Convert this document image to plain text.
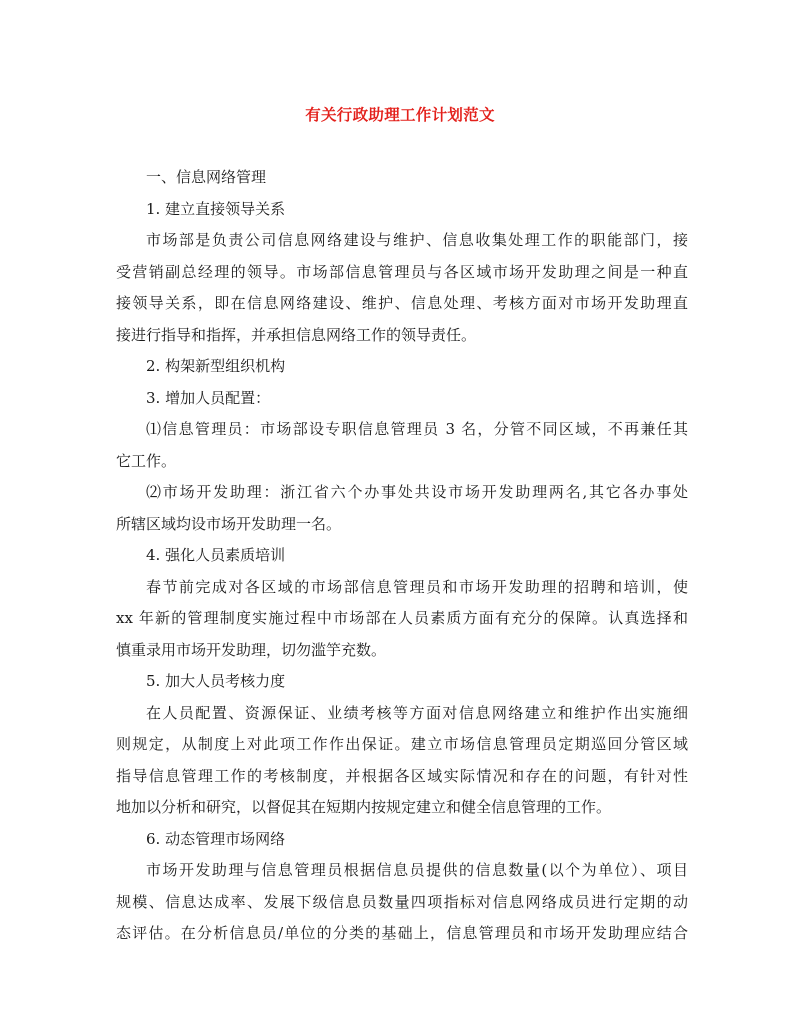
有关行政助理工作计划范文
一、信息网络管理
1. 建立直接领导关系
市场部是负责公司信息网络建设与维护、信息收集处理工作的职能部门，接
受营销副总经理的领导。市场部信息管理员与各区域市场开发助理之间是一种直
接领导关系，即在信息网络建设、维护、信息处理、考核方面对市场开发助理直
接进行指导和指挥，并承担信息网络工作的领导责任。
2. 构架新型组织机构
3. 增加人员配置：
⑴信息管理员：市场部设专职信息管理员 3 名，分管不同区域，不再兼任其
它工作。
⑵市场开发助理：浙江省六个办事处共设市场开发助理两名,其它各办事处
所辖区域均设市场开发助理一名。
4. 强化人员素质培训
春节前完成对各区域的市场部信息管理员和市场开发助理的招聘和培训，使
xx 年新的管理制度实施过程中市场部在人员素质方面有充分的保障。认真选择和
慎重录用市场开发助理，切勿滥竽充数。
5. 加大人员考核力度
在人员配置、资源保证、业绩考核等方面对信息网络建立和维护作出实施细
则规定，从制度上对此项工作作出保证。建立市场信息管理员定期巡回分管区域
指导信息管理工作的考核制度，并根据各区域实际情况和存在的问题，有针对性
地加以分析和研究，以督促其在短期内按规定建立和健全信息管理的工作。
6. 动态管理市场网络
市场开发助理与信息管理员根据信息员提供的信息数量(以个为单位）、项目
规模、信息达成率、发展下级信息员数量四项指标对信息网络成员进行定期的动
态评估。在分析信息员/单位的分类的基础上，信息管理员和市场开发助理应结合
